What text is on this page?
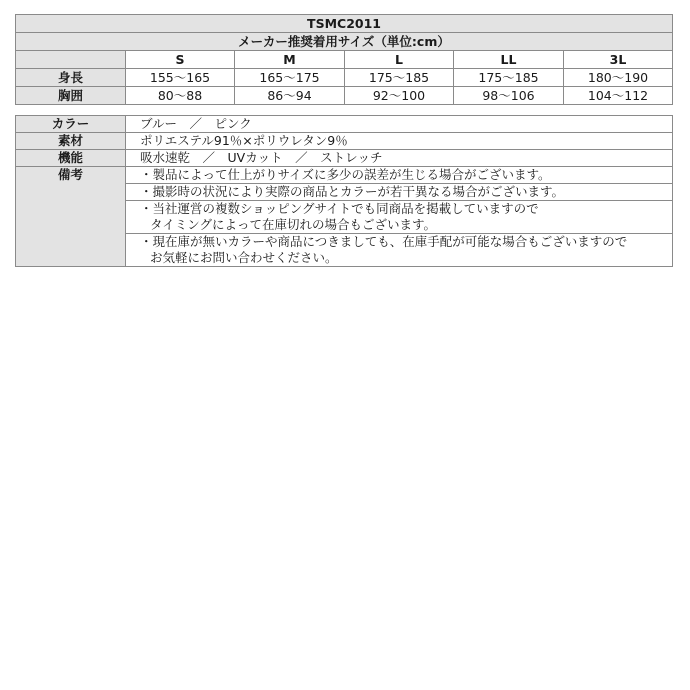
TSMC2011					
メーカー推奨着用サイズ（単位:cm）					
	S	M	L	LL	3L
身長	155～165	165～175	175～185	175～185	180～190
胸囲	80～88	86～94	92～100	98～106	104～112
カラー	ブルー　／　ピンク
素材	ポリエステル91％×ポリウレタン9％
機能	吸水速乾　／　UVカット　／　ストレッチ
備考	・製品によって仕上がりサイズに多少の誤差が生じる場合がございます。

	・撮影時の状況により実際の商品とカラーが若干異なる場合がございます。

	・当社運営の複数ショッピングサイトでも同商品を掲載していますので
タイミングによって在庫切れの場合もございます。

	・現在庫が無いカラーや商品につきましても、在庫手配が可能な場合もございますので
お気軽にお問い合わせください。
